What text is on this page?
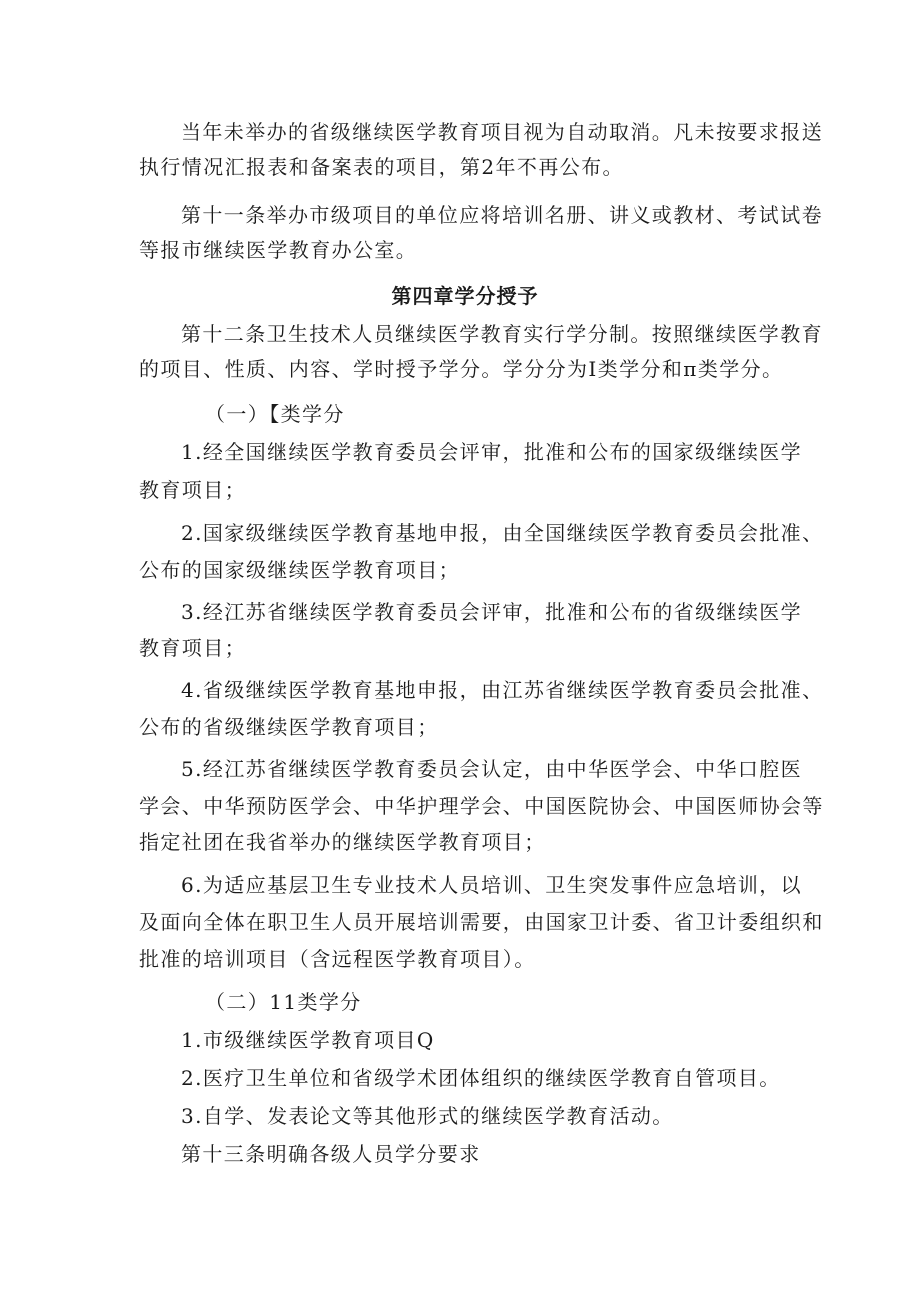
当年未举办的省级继续医学教育项目视为自动取消。凡未按要求报送
执行情况汇报表和备案表的项目，第2年不再公布。
第十一条举办市级项目的单位应将培训名册、讲义或教材、考试试卷
等报市继续医学教育办公室。
第四章学分授予
第十二条卫生技术人员继续医学教育实行学分制。按照继续医学教育
的项目、性质、内容、学时授予学分。学分分为I类学分和π类学分。
（一）【类学分
1.经全国继续医学教育委员会评审，批准和公布的国家级继续医学
教育项目；
2.国家级继续医学教育基地申报，由全国继续医学教育委员会批准、
公布的国家级继续医学教育项目；
3.经江苏省继续医学教育委员会评审，批准和公布的省级继续医学
教育项目；
4.省级继续医学教育基地申报，由江苏省继续医学教育委员会批准、
公布的省级继续医学教育项目；
5.经江苏省继续医学教育委员会认定，由中华医学会、中华口腔医
学会、中华预防医学会、中华护理学会、中国医院协会、中国医师协会等
指定社团在我省举办的继续医学教育项目；
6.为适应基层卫生专业技术人员培训、卫生突发事件应急培训，以
及面向全体在职卫生人员开展培训需要，由国家卫计委、省卫计委组织和
批准的培训项目（含远程医学教育项目）。
（二）11类学分
1.市级继续医学教育项目Q
2.医疗卫生单位和省级学术团体组织的继续医学教育自管项目。
3.自学、发表论文等其他形式的继续医学教育活动。
第十三条明确各级人员学分要求
